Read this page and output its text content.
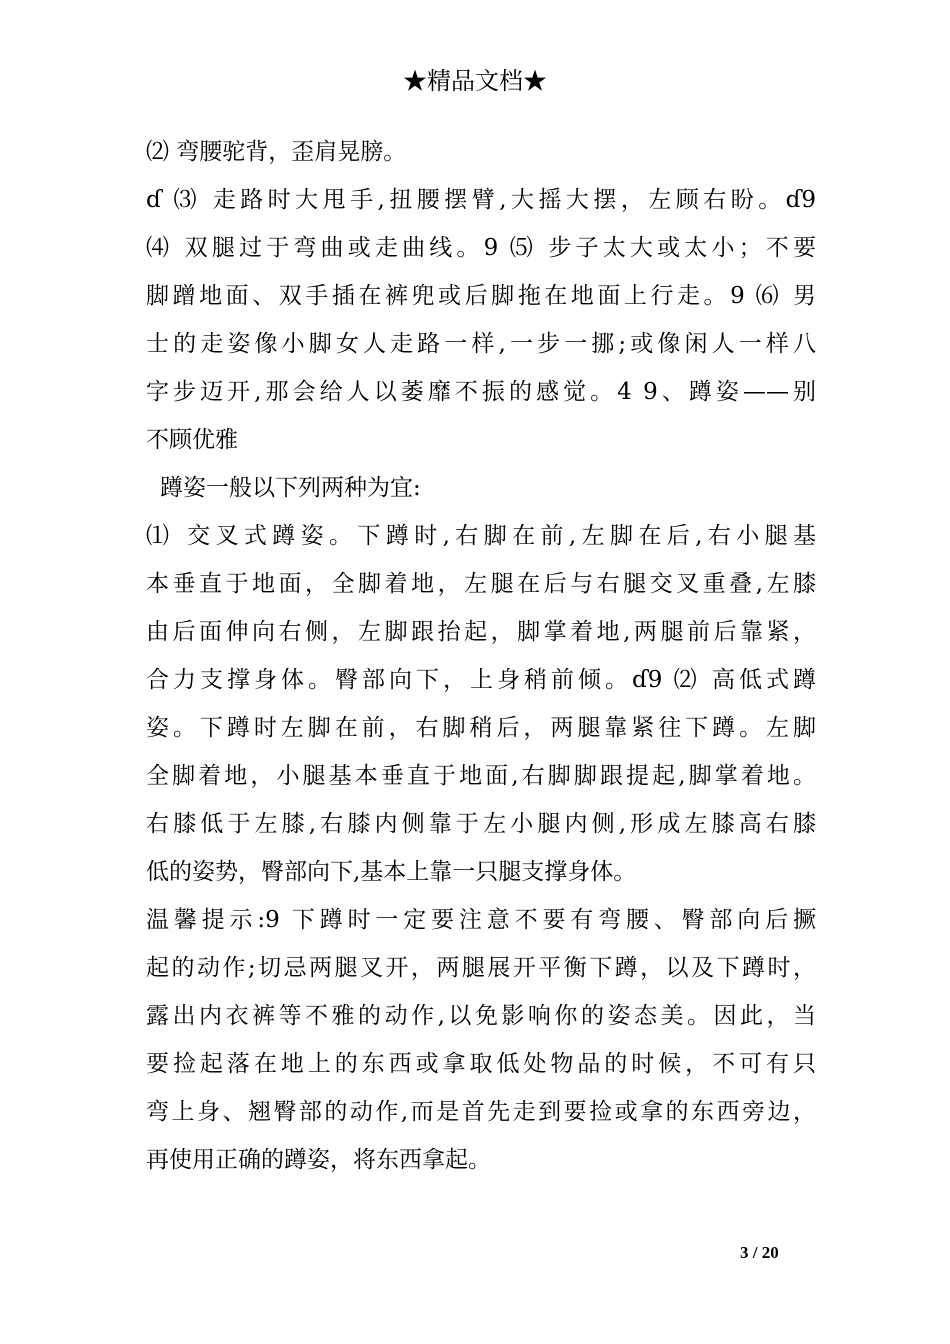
★精品文档★
⑵ 弯腰驼背，歪肩晃膀。
ɗ ⑶ 走路时大甩手,扭腰摆臂,大摇大摆，左顾右盼。ɗ9
⑷ 双腿过于弯曲或走曲线。9 ⑸ 步子太大或太小；不要
脚蹭地面、双手插在裤兜或后脚拖在地面上行走。9 ⑹ 男
士的走姿像小脚女人走路一样,一步一挪;或像闲人一样八
字步迈开,那会给人以萎靡不振的感觉。4 9、蹲姿——别
不顾优雅
蹲姿一般以下列两种为宜:
⑴ 交叉式蹲姿。下蹲时,右脚在前,左脚在后,右小腿基
本垂直于地面，全脚着地，左腿在后与右腿交叉重叠,左膝
由后面伸向右侧，左脚跟抬起，脚掌着地,两腿前后靠紧，
合力支撑身体。臀部向下，上身稍前倾。ɗ9 ⑵ 高低式蹲
姿。下蹲时左脚在前，右脚稍后，两腿靠紧往下蹲。左脚
全脚着地，小腿基本垂直于地面,右脚脚跟提起,脚掌着地。
右膝低于左膝,右膝内侧靠于左小腿内侧,形成左膝高右膝
低的姿势，臀部向下,基本上靠一只腿支撑身体。
温馨提示:9 下蹲时一定要注意不要有弯腰、臀部向后撅
起的动作;切忌两腿叉开，两腿展开平衡下蹲，以及下蹲时，
露出内衣裤等不雅的动作,以免影响你的姿态美。因此，当
要捡起落在地上的东西或拿取低处物品的时候，不可有只
弯上身、翘臀部的动作,而是首先走到要捡或拿的东西旁边，
再使用正确的蹲姿，将东西拿起。
3 / 20
